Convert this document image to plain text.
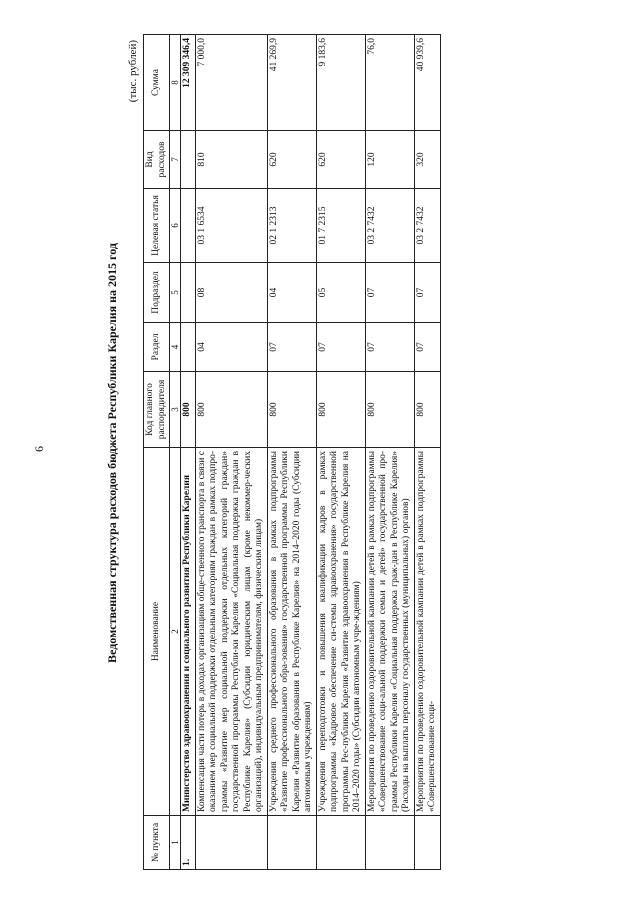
6	Ведомственная структура расходов бюджета Республики Карелия на 2015 год
(тыс. рублей)
№ пункта	Наименование	Код главного распорядителя	Раздел	Подраздел	Целевая статья	Вид расходов	Сумма
1	2	3	4	5	6	7	8
1.	Министерство здравоохранения и социального развития Республики Карелия	800					12 309 346,4
	Компенсация части потерь в доходах организациям обще-ственного транспорта в связи с оказанием мер социальной поддержки отдельным категориям граждан в рамках подпро-граммы «Развитие мер социальной поддержки отдельных категорий граждан» государственной программы Республи-ки Карелия «Социальная поддержка граждан в Республике Карелия» (Субсидии юридическим лицам (кроме некоммер-ческих организаций), индивидуальным предпринимателям, физическим лицам)	800	04	08	03 1 6534	810	7 000,0
	Учреждения среднего профессионального образования в рамках подпрограммы «Развитие профессионального обра-зования» государственной программы Республики Карелия «Развитие образования в Республике Карелия» на 2014–2020 годы (Субсидии автономным учреждениям)	800	07	04	02 1 2313	620	41 269,9
	Учреждения переподготовки и повышения квалификации кадров в рамках подпрограммы «Кадровое обеспечение си-стемы здравоохранения» государственной программы Рес-публики Карелия «Развитие здравоохранения в Республике Карелия на 2014–2020 годы» (Субсидии автономным учре-ждениям)	800	07	05	01 7 2315	620	9 183,6
	Мероприятия по проведению оздоровительной кампании детей в рамках подпрограммы «Совершенствование соци-альной поддержки семьи и детей» государственной про-граммы Республики Карелия «Социальная поддержка граж-дан в Республике Карелия» (Расходы на выплаты персоналу государственных (муниципальных) органов)	800	07	07	03 2 7432	120	76,0
	Мероприятия по проведению оздоровительной кампании детей в рамках подпрограммы «Совершенствование соци-	800	07	07	03 2 7432	320	40 939,6
